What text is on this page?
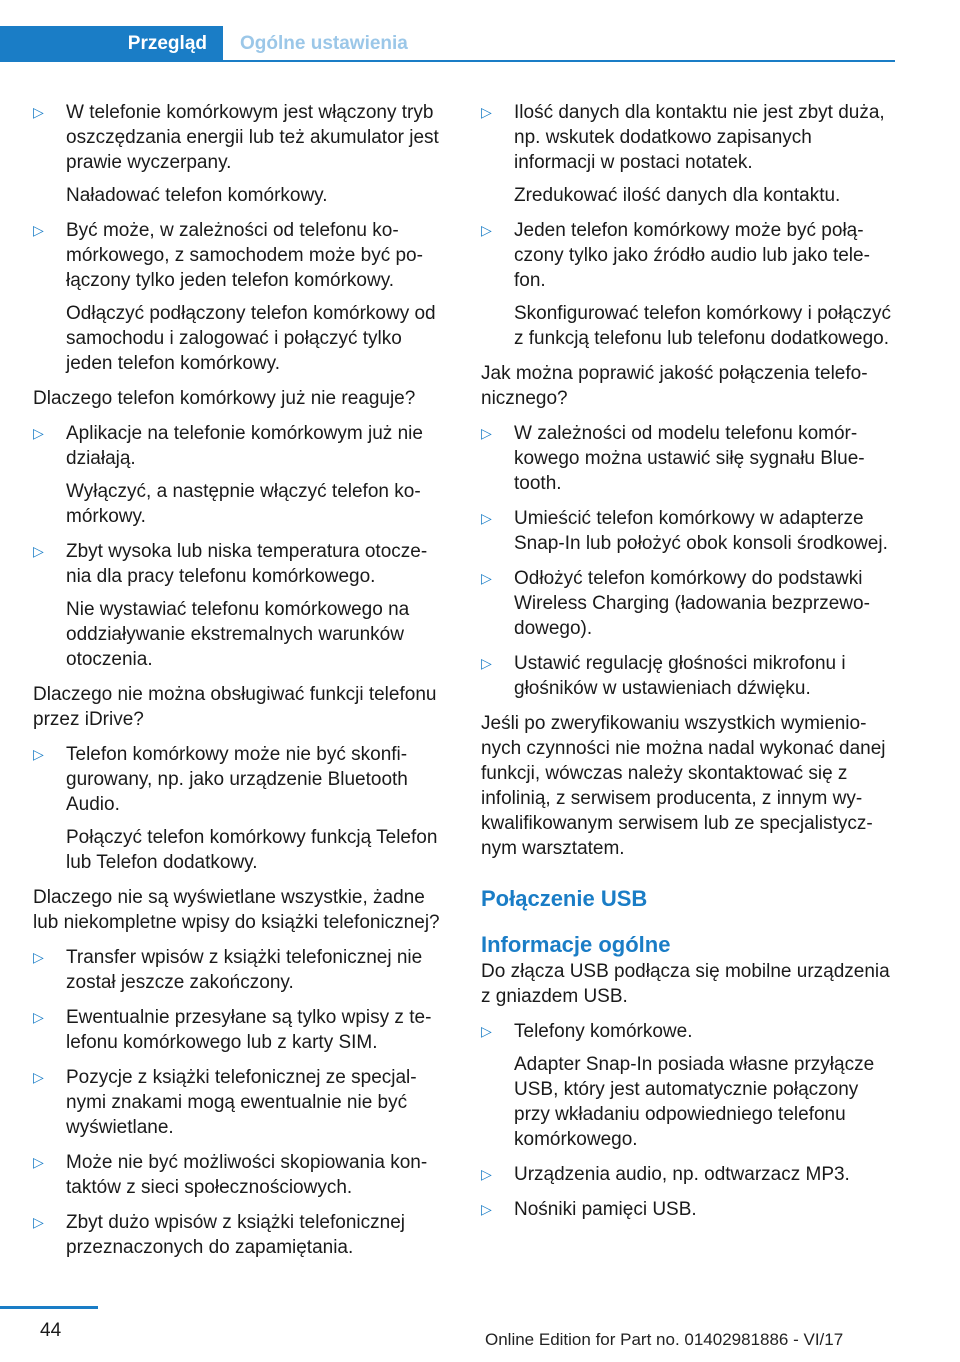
Przegląd	Ogólne ustawienia
▷ W telefonie komórkowym jest włączony tryb oszczędzania energii lub też akumulator jest prawie wyczerpany.

Naładować telefon komórkowy.

▷ Być może, w zależności od telefonu komórkowego, z samochodem może być połączony tylko jeden telefon komórkowy.

Odłączyć podłączony telefon komórkowy od samochodu i zalogować i połączyć tylko jeden telefon komórkowy.

Dlaczego telefon komórkowy już nie reaguje?

▷ Aplikacje na telefonie komórkowym już nie działają.

Wyłączyć, a następnie włączyć telefon komórkowy.

▷ Zbyt wysoka lub niska temperatura otoczenia dla pracy telefonu komórkowego.

Nie wystawiać telefonu komórkowego na oddziaływanie ekstremalnych warunków otoczenia.

Dlaczego nie można obsługiwać funkcji telefonu przez iDrive?

▷ Telefon komórkowy może nie być skonfigurowany, np. jako urządzenie Bluetooth Audio.

Połączyć telefon komórkowy funkcją Telefon lub Telefon dodatkowy.

Dlaczego nie są wyświetlane wszystkie, żadne lub niekompletne wpisy do książki telefonicznej?

▷ Transfer wpisów z książki telefonicznej nie został jeszcze zakończony.

▷ Ewentualnie przesyłane są tylko wpisy z telefonu komórkowego lub z karty SIM.

▷ Pozycje z książki telefonicznej ze specjalnymi znakami mogą ewentualnie nie być wyświetlane.

▷ Może nie być możliwości skopiowania kontaktów z sieci społecznościowych.

▷ Zbyt dużo wpisów z książki telefonicznej przeznaczonych do zapamiętania.

▷ Ilość danych dla kontaktu nie jest zbyt duża, np. wskutek dodatkowo zapisanych informacji w postaci notatek.

Zredukować ilość danych dla kontaktu.

▷ Jeden telefon komórkowy może być połączony tylko jako źródło audio lub jako telefon.

Skonfigurować telefon komórkowy i połączyć z funkcją telefonu lub telefonu dodatkowego.

Jak można poprawić jakość połączenia telefonicznego?

▷ W zależności od modelu telefonu komórkowego można ustawić siłę sygnału Bluetooth.

▷ Umieścić telefon komórkowy w adapterze Snap-In lub położyć obok konsoli środkowej.

▷ Odłożyć telefon komórkowy do podstawki Wireless Charging (ładowania bezprzewodowego).

▷ Ustawić regulację głośności mikrofonu i głośników w ustawieniach dźwięku.

Jeśli po zweryfikowaniu wszystkich wymienionych czynności nie można nadal wykonać danej funkcji, wówczas należy skontaktować się z infolinią, z serwisem producenta, z innym wykwalifikowanym serwisem lub ze specjalistycznym warsztatem.

Połączenie USB
Informacje ogólne

Do złącza USB podłącza się mobilne urządzenia z gniazdem USB.

▷ Telefony komórkowe.

Adapter Snap-In posiada własne przyłącze USB, który jest automatycznie połączony przy wkładaniu odpowiedniego telefonu komórkowego.

▷ Urządzenia audio, np. odtwarzacz MP3.

▷ Nośniki pamięci USB.

44	Online Edition for Part no. 01402981886 - VI/17
